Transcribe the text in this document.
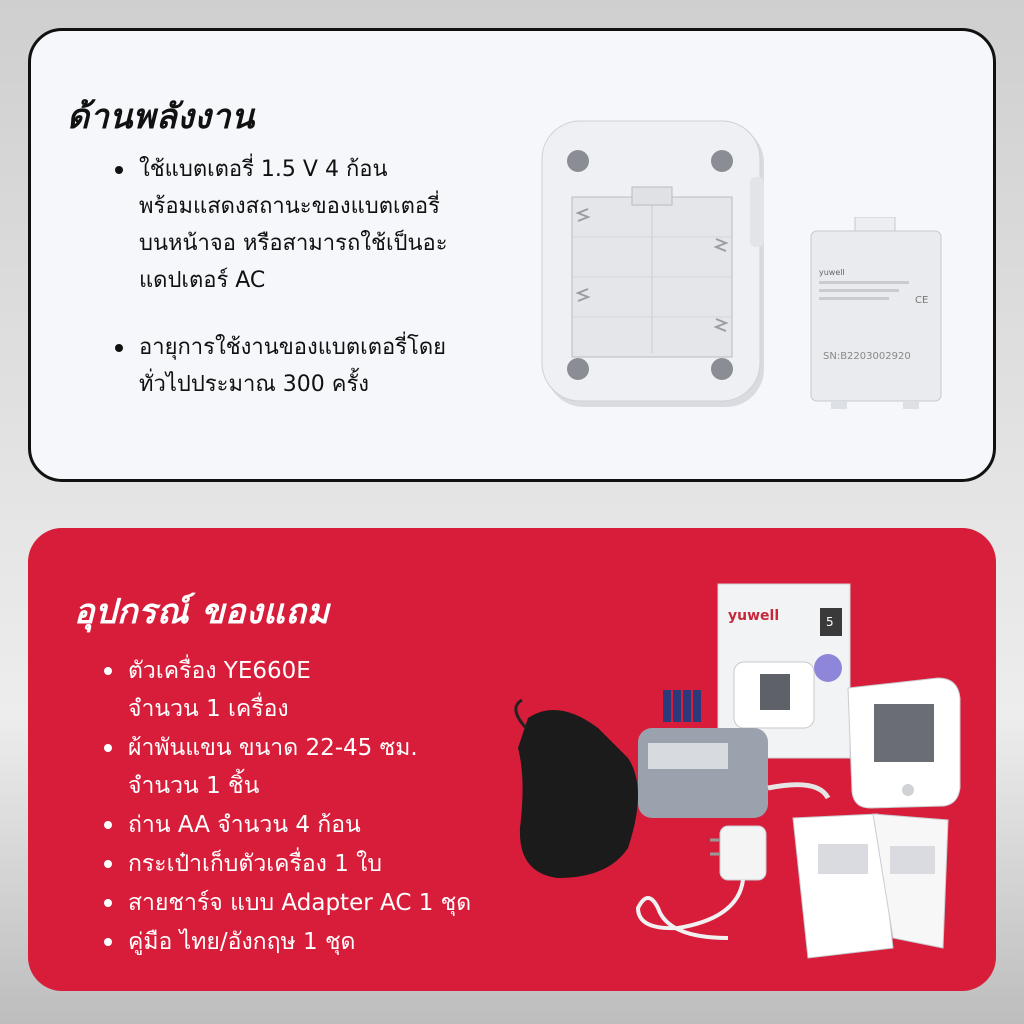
ด้านพลังงาน
ใช้แบตเตอรี่ 1.5 V 4 ก้อน
พร้อมแสดงสถานะของแบตเตอรี่
บนหน้าจอ หรือสามารถใช้เป็นอะ
แดปเตอร์ AC
อายุการใช้งานของแบตเตอรี่โดย
ทั่วไปประมาณ 300 ครั้ง
yuwell
CE
SN:B2203002920
อุปกรณ์ ของแถม
ตัวเครื่อง YE660E
จำนวน 1 เครื่อง
ผ้าพันแขน ขนาด 22-45 ซม.
จำนวน 1 ชิ้น
ถ่าน AA จำนวน 4 ก้อน
กระเป๋าเก็บตัวเครื่อง 1 ใบ
สายชาร์จ แบบ Adapter AC 1 ชุด
คู่มือ ไทย/อังกฤษ 1 ชุด
yuwell	5
